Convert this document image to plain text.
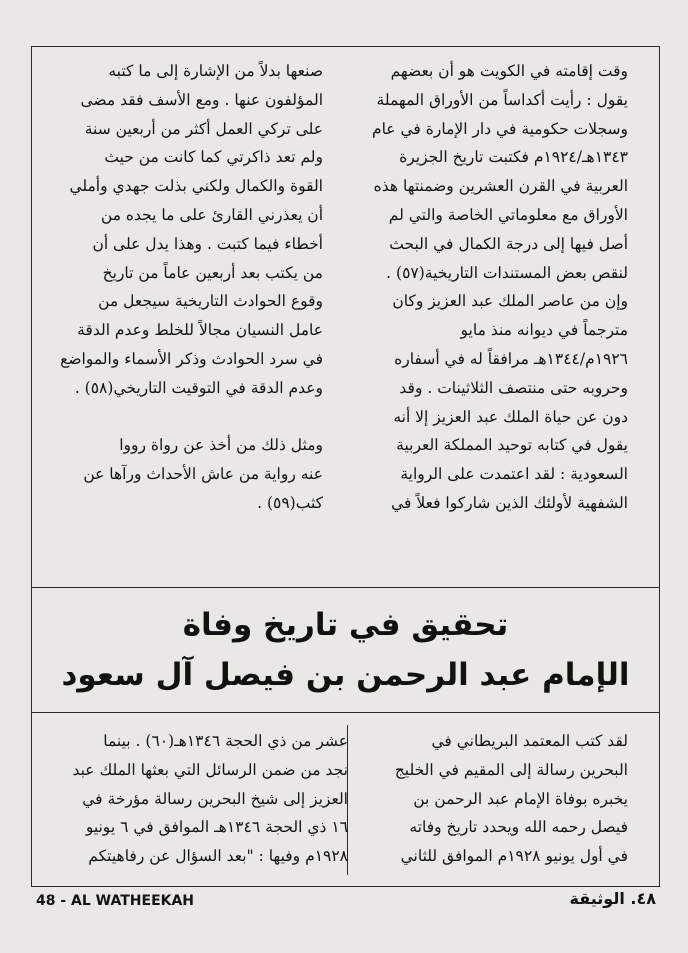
وقت إقامته في الكويت هو أن بعضهم
يقول : رأيت أكداساً من الأوراق المهملة
وسجلات حكومية في دار الإمارة في عام
١٣٤٣هـ/١٩٢٤م فكتبت تاريخ الجزيرة
العربية في القرن العشرين وضمنتها هذه
الأوراق مع معلوماتي الخاصة والتي لم
أصل فيها إلى درجة الكمال في البحث
لنقص بعض المستندات التاريخية(٥٧) .
وإن من عاصر الملك عبد العزيز وكان
مترجماً في ديوانه منذ مايو
١٩٢٦م/١٣٤٤هـ مرافقاً له في أسفاره
وحروبه حتى منتصف الثلاثينات . وقد
دون عن حياة الملك عبد العزيز إلا أنه
يقول في كتابه توحيد المملكة العربية
السعودية : لقد اعتمدت على الرواية
الشفهية لأولئك الذين شاركوا فعلاً في
صنعها بدلاً من الإشارة إلى ما كتبه
المؤلفون عنها . ومع الأسف فقد مضى
على تركي العمل أكثر من أربعين سنة
ولم تعد ذاكرتي كما كانت من حيث
القوة والكمال ولكني بذلت جهدي وأملي
أن يعذرني القارئ على ما يجده من
أخطاء فيما كتبت . وهذا يدل على أن
من يكتب بعد أربعين عاماً من تاريخ
وقوع الحوادث التاريخية سيجعل من
عامل النسيان مجالاً للخلط وعدم الدقة
في سرد الحوادث وذكر الأسماء والمواضع
وعدم الدقة في التوقيت التاريخي(٥٨) .
ومثل ذلك من أخذ عن رواة رووا
عنه رواية من عاش الأحداث ورآها عن
كثب(٥٩) .
تحقيق في تاريخ وفاة
الإمام عبد الرحمن بن فيصل آل سعود
لقد كتب المعتمد البريطاني في
البحرين رسالة إلى المقيم في الخليج
يخبره بوفاة الإمام عبد الرحمن بن
فيصل رحمه الله ويحدد تاريخ وفاته
في أول يونيو ١٩٢٨م الموافق للثاني
عشر من ذي الحجة ١٣٤٦هـ(٦٠) . بينما
نجد من ضمن الرسائل التي بعثها الملك عبد
العزيز إلى شيخ البحرين رسالة مؤرخة في
١٦ ذي الحجة ١٣٤٦هـ الموافق في ٦ يونيو
١٩٢٨م وفيها : "بعد السؤال عن رفاهيتكم
48 - AL WATHEEKAH	٤٨. الوثيقة
